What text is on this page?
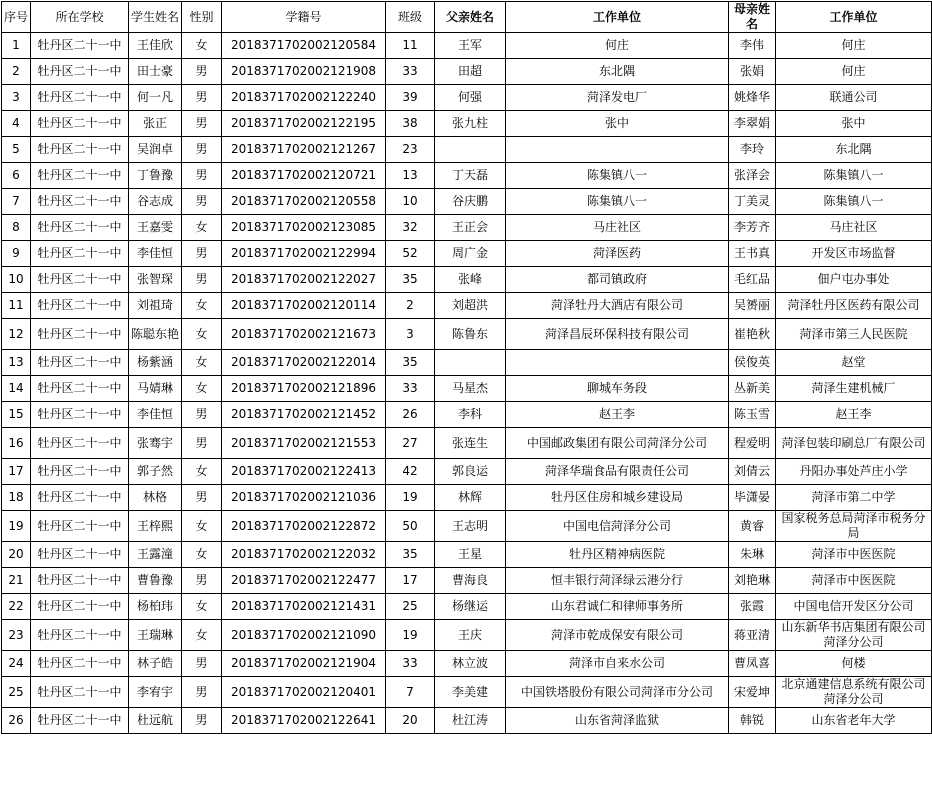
序号	所在学校	学生姓名	性别	学籍号	班级	父亲姓名	工作单位	母亲姓名	工作单位
1	牡丹区二十一中	王佳欣	女	2018371702002120584	11	王军	何庄	李伟	何庄
2	牡丹区二十一中	田士豪	男	2018371702002121908	33	田超	东北隅	张娟	何庄
3	牡丹区二十一中	何一凡	男	2018371702002122240	39	何强	菏泽发电厂	姚烽华	联通公司
4	牡丹区二十一中	张正	男	2018371702002122195	38	张九柱	张中	李翠娟	张中
5	牡丹区二十一中	吴润卓	男	2018371702002121267	23			李玲	东北隅
6	牡丹区二十一中	丁鲁豫	男	2018371702002120721	13	丁天磊	陈集镇八一	张泽会	陈集镇八一
7	牡丹区二十一中	谷志成	男	2018371702002120558	10	谷庆鹏	陈集镇八一	丁美灵	陈集镇八一
8	牡丹区二十一中	王嘉雯	女	2018371702002123085	32	王正会	马庄社区	李芳齐	马庄社区
9	牡丹区二十一中	李佳恒	男	2018371702002122994	52	周广金	菏泽医药	王书真	开发区市场监督
10	牡丹区二十一中	张智琛	男	2018371702002122027	35	张峰	都司镇政府	毛红品	佃户屯办事处
11	牡丹区二十一中	刘祖琦	女	2018371702002120114	2	刘超洪	菏泽牡丹大酒店有限公司	吴赟丽	菏泽牡丹区医药有限公司
12	牡丹区二十一中	陈聪东艳	女	2018371702002121673	3	陈鲁东	菏泽昌辰环保科技有限公司	崔艳秋	菏泽市第三人民医院
13	牡丹区二十一中	杨紫涵	女	2018371702002122014	35			侯俊英	赵堂
14	牡丹区二十一中	马婧琳	女	2018371702002121896	33	马星杰	聊城车务段	丛新美	菏泽生建机械厂
15	牡丹区二十一中	李佳恒	男	2018371702002121452	26	李科	赵王李	陈玉雪	赵王李
16	牡丹区二十一中	张骞宇	男	2018371702002121553	27	张连生	中国邮政集团有限公司菏泽分公司	程爱明	菏泽包装印刷总厂有限公司
17	牡丹区二十一中	郭子然	女	2018371702002122413	42	郭良运	菏泽华瑞食品有限责任公司	刘倩云	丹阳办事处芦庄小学
18	牡丹区二十一中	林格	男	2018371702002121036	19	林辉	牡丹区住房和城乡建设局	毕潇晏	菏泽市第二中学
19	牡丹区二十一中	王梓熙	女	2018371702002122872	50	王志明	中国电信菏泽分公司	黄睿	国家税务总局菏泽市税务分局
20	牡丹区二十一中	王露潼	女	2018371702002122032	35	王星	牡丹区精神病医院	朱琳	菏泽市中医医院
21	牡丹区二十一中	曹鲁豫	男	2018371702002122477	17	曹海良	恒丰银行菏泽绿云港分行	刘艳琳	菏泽市中医医院
22	牡丹区二十一中	杨柏玮	女	2018371702002121431	25	杨继运	山东君诚仁和律师事务所	张霞	中国电信开发区分公司
23	牡丹区二十一中	王瑞琳	女	2018371702002121090	19	王庆	菏泽市乾成保安有限公司	蒋亚清	山东新华书店集团有限公司菏泽分公司
24	牡丹区二十一中	林子皓	男	2018371702002121904	33	林立波	菏泽市自来水公司	曹凤喜	何楼
25	牡丹区二十一中	李宥宇	男	2018371702002120401	7	李美建	中国铁塔股份有限公司菏泽市分公司	宋爱坤	北京通建信息系统有限公司菏泽分公司
26	牡丹区二十一中	杜远航	男	2018371702002122641	20	杜江涛	山东省菏泽监狱	韩锐	山东省老年大学
